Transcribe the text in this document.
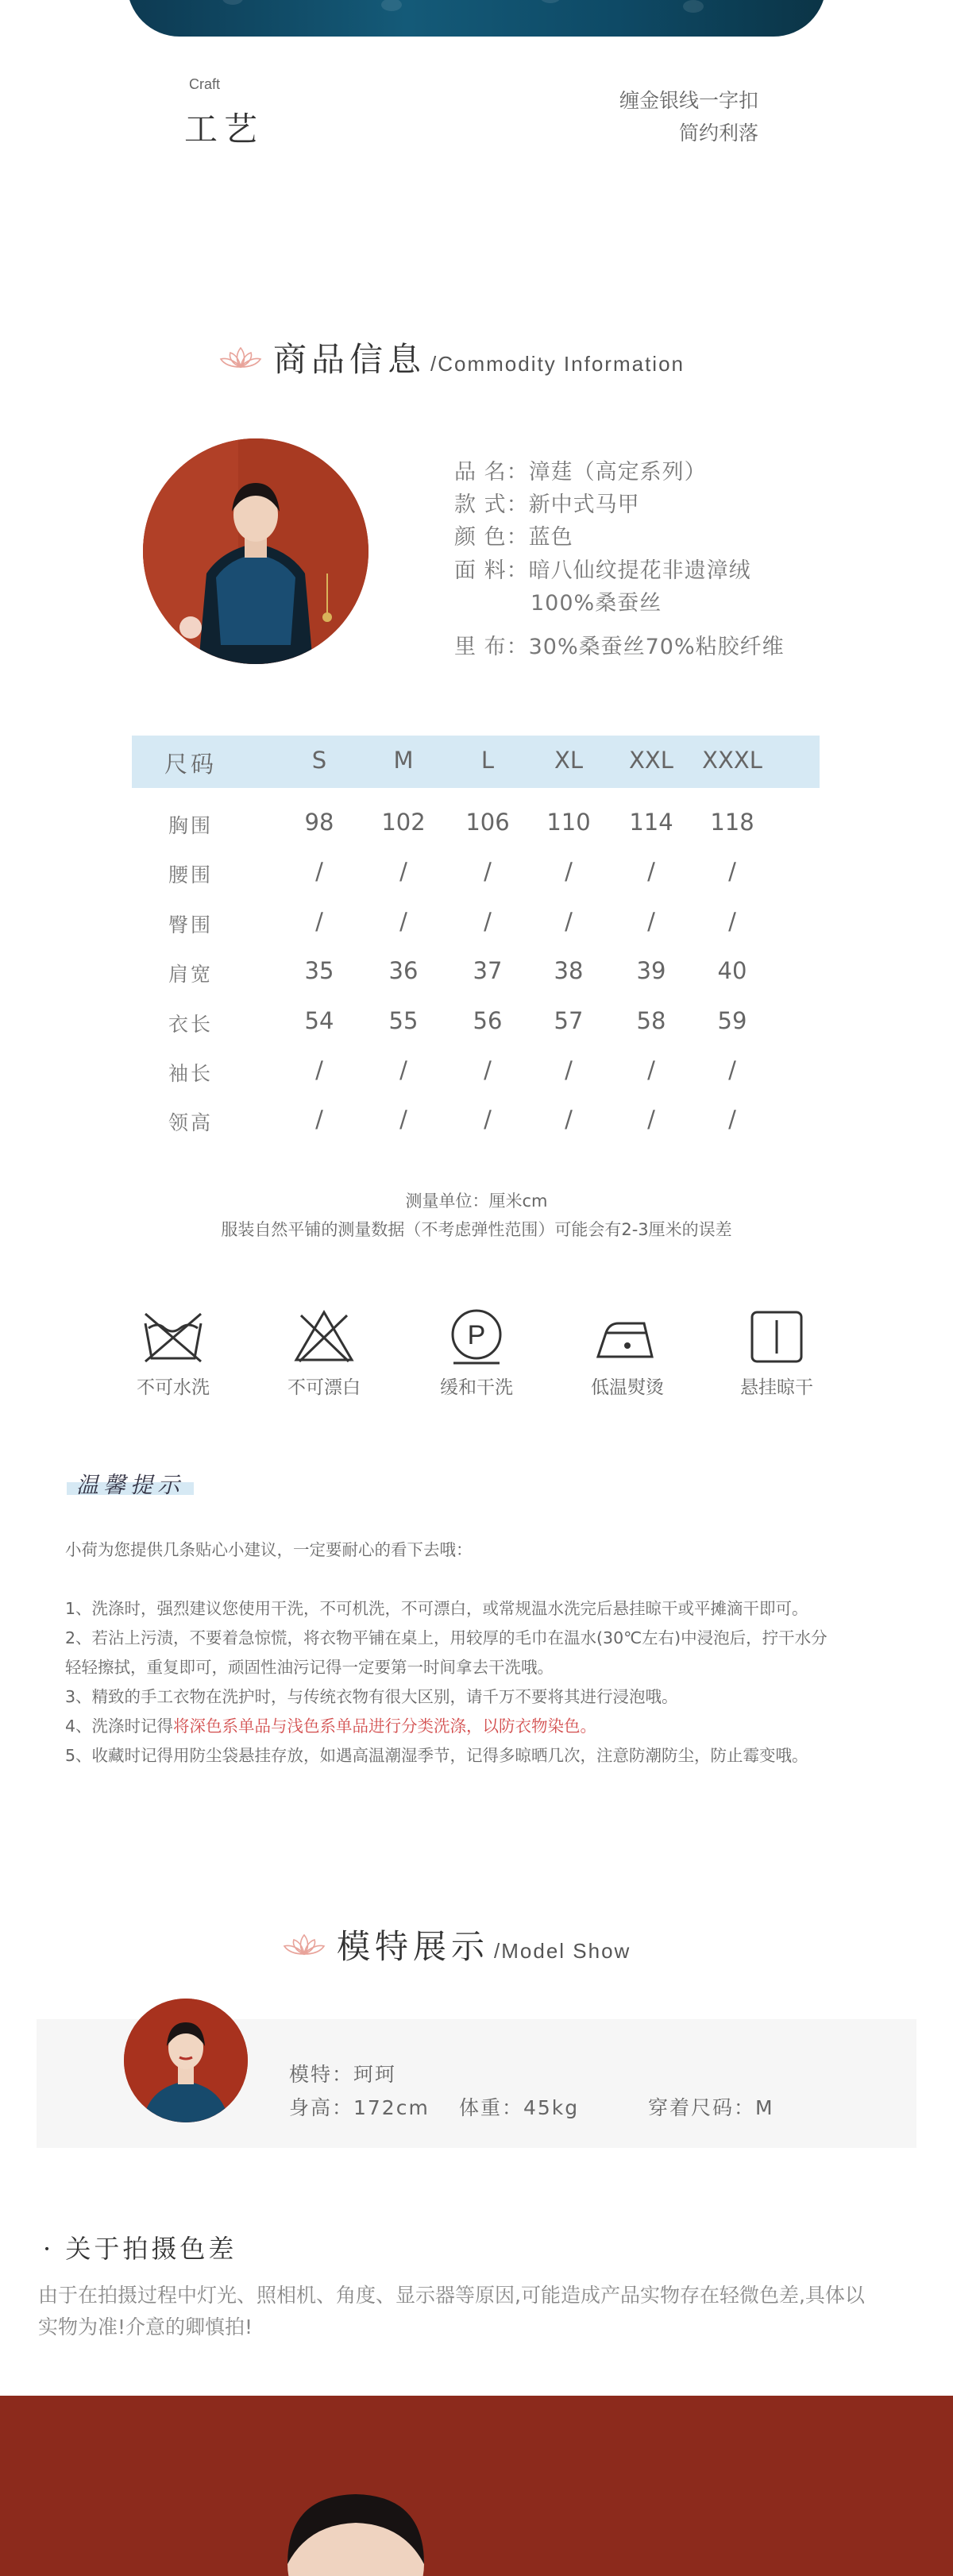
Craft
工艺
缠金银线一字扣
简约利落
商品信息 /Commodity Information
品 名：漳莛（高定系列）
款 式：新中式马甲
颜 色：蓝色
面 料：暗八仙纹提花非遗漳绒
100%桑蚕丝
里 布：30%桑蚕丝70%粘胶纤维
尺码	S	M	L	XL	XXL	XXXL
胸围	98	102	106	110	114	118
腰围	/	/	/	/	/	/
臀围	/	/	/	/	/	/
肩宽	35	36	37	38	39	40
衣长	54	55	56	57	58	59
袖长	/	/	/	/	/	/
领高	/	/	/	/	/	/
测量单位：厘米cm
服装自然平铺的测量数据（不考虑弹性范围）可能会有2-3厘米的误差
不可水洗	不可漂白
P
缓和干洗	低温熨烫	悬挂晾干
温馨提示
小荷为您提供几条贴心小建议，一定要耐心的看下去哦：
1、洗涤时，强烈建议您使用干洗，不可机洗，不可漂白，或常规温水洗完后悬挂晾干或平摊滴干即可。
2、若沾上污渍，不要着急惊慌，将衣物平铺在桌上，用较厚的毛巾在温水(30℃左右)中浸泡后，拧干水分
轻轻擦拭，重复即可，顽固性油污记得一定要第一时间拿去干洗哦。
3、精致的手工衣物在洗护时，与传统衣物有很大区别，请千万不要将其进行浸泡哦。
4、洗涤时记得将深色系单品与浅色系单品进行分类洗涤，以防衣物染色。
5、收藏时记得用防尘袋悬挂存放，如遇高温潮湿季节，记得多晾晒几次，注意防潮防尘，防止霉变哦。
模特展示 /Model Show
模特：珂珂
身高：172cm 体重：45kg	穿着尺码：M
· 关于拍摄色差
由于在拍摄过程中灯光、照相机、角度、显示器等原因,可能造成产品实物存在轻微色差,具体以
实物为准!介意的卿慎拍!
